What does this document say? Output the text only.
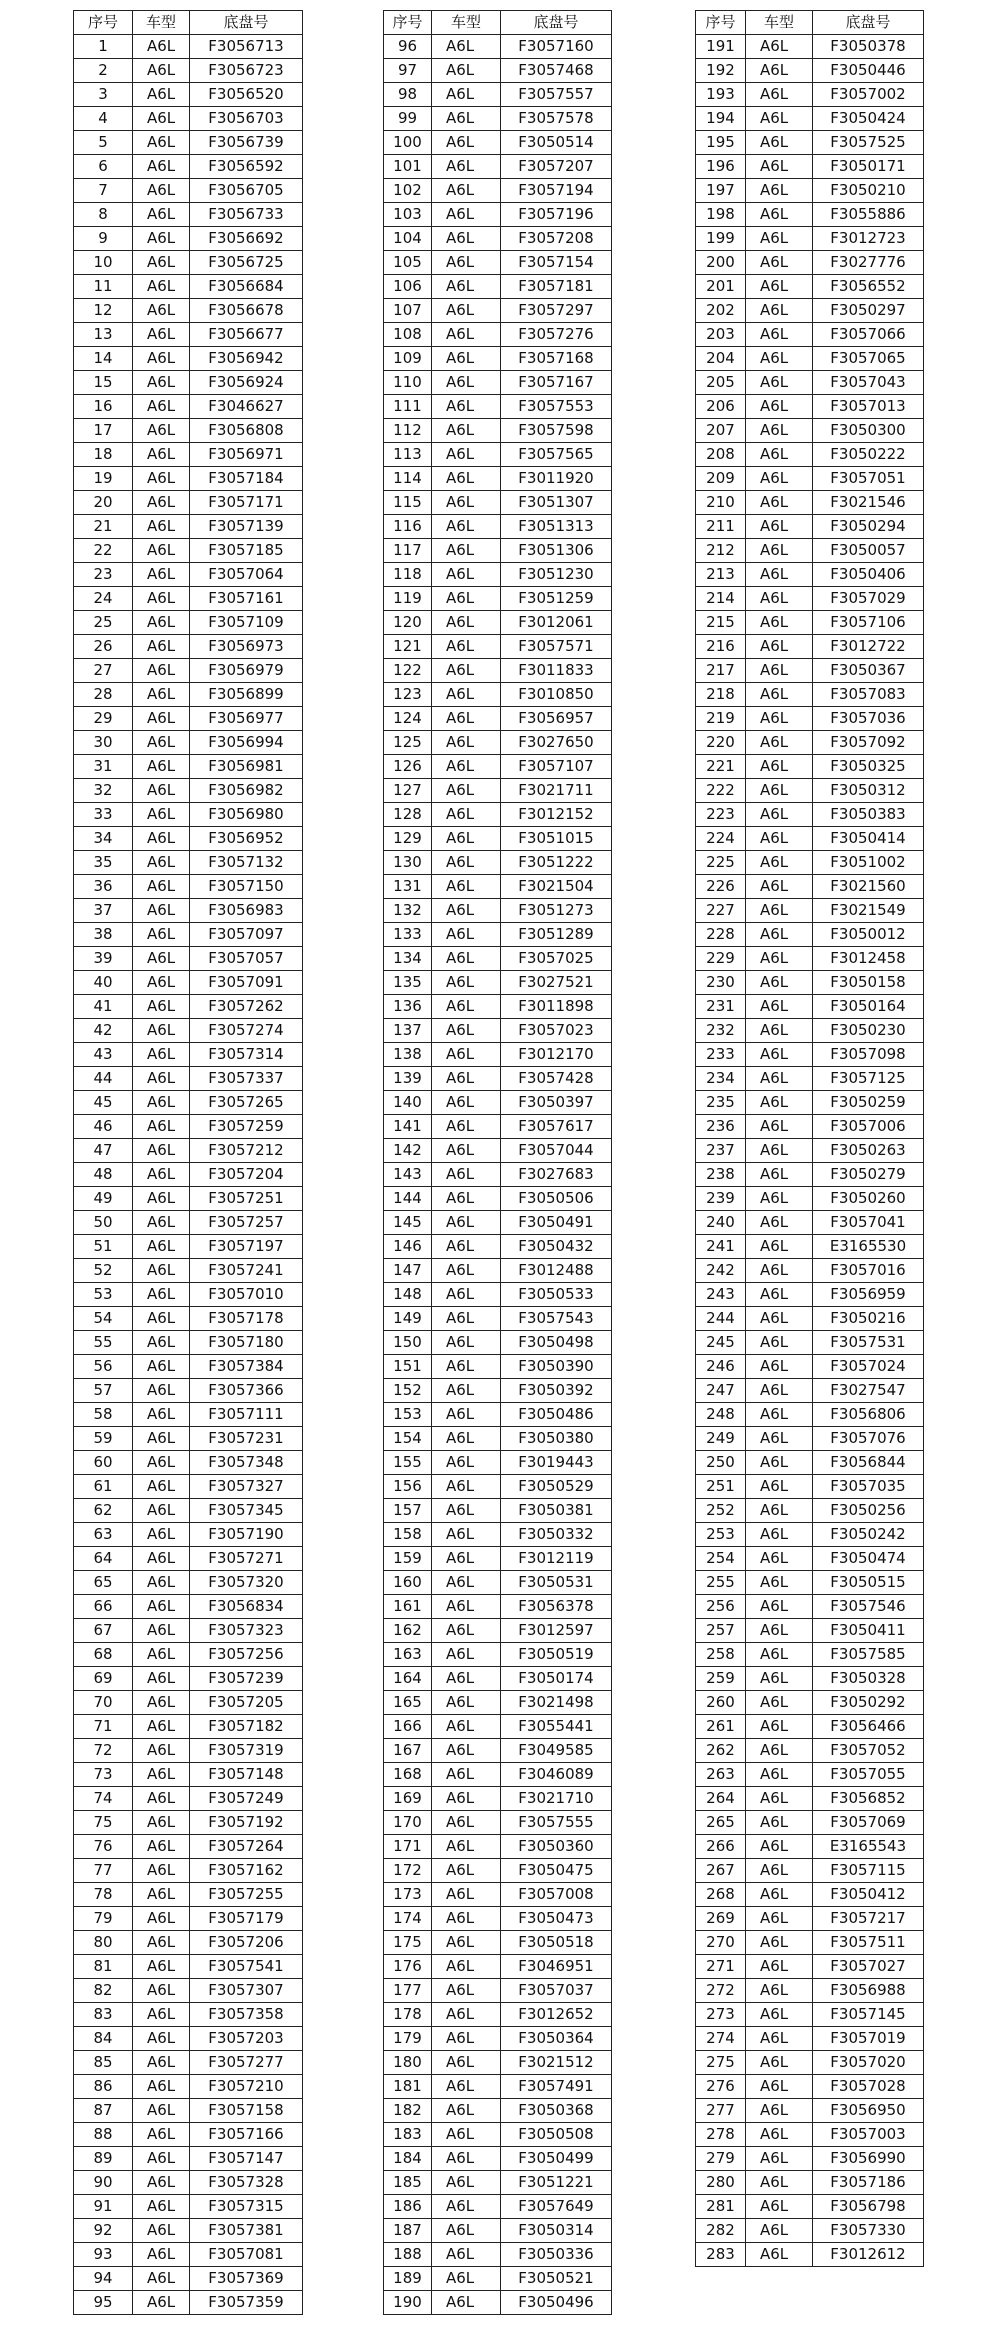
序号	车型	底盘号
1	A6L	F3056713
2	A6L	F3056723
3	A6L	F3056520
4	A6L	F3056703
5	A6L	F3056739
6	A6L	F3056592
7	A6L	F3056705
8	A6L	F3056733
9	A6L	F3056692
10	A6L	F3056725
11	A6L	F3056684
12	A6L	F3056678
13	A6L	F3056677
14	A6L	F3056942
15	A6L	F3056924
16	A6L	F3046627
17	A6L	F3056808
18	A6L	F3056971
19	A6L	F3057184
20	A6L	F3057171
21	A6L	F3057139
22	A6L	F3057185
23	A6L	F3057064
24	A6L	F3057161
25	A6L	F3057109
26	A6L	F3056973
27	A6L	F3056979
28	A6L	F3056899
29	A6L	F3056977
30	A6L	F3056994
31	A6L	F3056981
32	A6L	F3056982
33	A6L	F3056980
34	A6L	F3056952
35	A6L	F3057132
36	A6L	F3057150
37	A6L	F3056983
38	A6L	F3057097
39	A6L	F3057057
40	A6L	F3057091
41	A6L	F3057262
42	A6L	F3057274
43	A6L	F3057314
44	A6L	F3057337
45	A6L	F3057265
46	A6L	F3057259
47	A6L	F3057212
48	A6L	F3057204
49	A6L	F3057251
50	A6L	F3057257
51	A6L	F3057197
52	A6L	F3057241
53	A6L	F3057010
54	A6L	F3057178
55	A6L	F3057180
56	A6L	F3057384
57	A6L	F3057366
58	A6L	F3057111
59	A6L	F3057231
60	A6L	F3057348
61	A6L	F3057327
62	A6L	F3057345
63	A6L	F3057190
64	A6L	F3057271
65	A6L	F3057320
66	A6L	F3056834
67	A6L	F3057323
68	A6L	F3057256
69	A6L	F3057239
70	A6L	F3057205
71	A6L	F3057182
72	A6L	F3057319
73	A6L	F3057148
74	A6L	F3057249
75	A6L	F3057192
76	A6L	F3057264
77	A6L	F3057162
78	A6L	F3057255
79	A6L	F3057179
80	A6L	F3057206
81	A6L	F3057541
82	A6L	F3057307
83	A6L	F3057358
84	A6L	F3057203
85	A6L	F3057277
86	A6L	F3057210
87	A6L	F3057158
88	A6L	F3057166
89	A6L	F3057147
90	A6L	F3057328
91	A6L	F3057315
92	A6L	F3057381
93	A6L	F3057081
94	A6L	F3057369
95	A6L	F3057359
序号	车型	底盘号
96	A6L	F3057160
97	A6L	F3057468
98	A6L	F3057557
99	A6L	F3057578
100	A6L	F3050514
101	A6L	F3057207
102	A6L	F3057194
103	A6L	F3057196
104	A6L	F3057208
105	A6L	F3057154
106	A6L	F3057181
107	A6L	F3057297
108	A6L	F3057276
109	A6L	F3057168
110	A6L	F3057167
111	A6L	F3057553
112	A6L	F3057598
113	A6L	F3057565
114	A6L	F3011920
115	A6L	F3051307
116	A6L	F3051313
117	A6L	F3051306
118	A6L	F3051230
119	A6L	F3051259
120	A6L	F3012061
121	A6L	F3057571
122	A6L	F3011833
123	A6L	F3010850
124	A6L	F3056957
125	A6L	F3027650
126	A6L	F3057107
127	A6L	F3021711
128	A6L	F3012152
129	A6L	F3051015
130	A6L	F3051222
131	A6L	F3021504
132	A6L	F3051273
133	A6L	F3051289
134	A6L	F3057025
135	A6L	F3027521
136	A6L	F3011898
137	A6L	F3057023
138	A6L	F3012170
139	A6L	F3057428
140	A6L	F3050397
141	A6L	F3057617
142	A6L	F3057044
143	A6L	F3027683
144	A6L	F3050506
145	A6L	F3050491
146	A6L	F3050432
147	A6L	F3012488
148	A6L	F3050533
149	A6L	F3057543
150	A6L	F3050498
151	A6L	F3050390
152	A6L	F3050392
153	A6L	F3050486
154	A6L	F3050380
155	A6L	F3019443
156	A6L	F3050529
157	A6L	F3050381
158	A6L	F3050332
159	A6L	F3012119
160	A6L	F3050531
161	A6L	F3056378
162	A6L	F3012597
163	A6L	F3050519
164	A6L	F3050174
165	A6L	F3021498
166	A6L	F3055441
167	A6L	F3049585
168	A6L	F3046089
169	A6L	F3021710
170	A6L	F3057555
171	A6L	F3050360
172	A6L	F3050475
173	A6L	F3057008
174	A6L	F3050473
175	A6L	F3050518
176	A6L	F3046951
177	A6L	F3057037
178	A6L	F3012652
179	A6L	F3050364
180	A6L	F3021512
181	A6L	F3057491
182	A6L	F3050368
183	A6L	F3050508
184	A6L	F3050499
185	A6L	F3051221
186	A6L	F3057649
187	A6L	F3050314
188	A6L	F3050336
189	A6L	F3050521
190	A6L	F3050496
序号	车型	底盘号
191	A6L	F3050378
192	A6L	F3050446
193	A6L	F3057002
194	A6L	F3050424
195	A6L	F3057525
196	A6L	F3050171
197	A6L	F3050210
198	A6L	F3055886
199	A6L	F3012723
200	A6L	F3027776
201	A6L	F3056552
202	A6L	F3050297
203	A6L	F3057066
204	A6L	F3057065
205	A6L	F3057043
206	A6L	F3057013
207	A6L	F3050300
208	A6L	F3050222
209	A6L	F3057051
210	A6L	F3021546
211	A6L	F3050294
212	A6L	F3050057
213	A6L	F3050406
214	A6L	F3057029
215	A6L	F3057106
216	A6L	F3012722
217	A6L	F3050367
218	A6L	F3057083
219	A6L	F3057036
220	A6L	F3057092
221	A6L	F3050325
222	A6L	F3050312
223	A6L	F3050383
224	A6L	F3050414
225	A6L	F3051002
226	A6L	F3021560
227	A6L	F3021549
228	A6L	F3050012
229	A6L	F3012458
230	A6L	F3050158
231	A6L	F3050164
232	A6L	F3050230
233	A6L	F3057098
234	A6L	F3057125
235	A6L	F3050259
236	A6L	F3057006
237	A6L	F3050263
238	A6L	F3050279
239	A6L	F3050260
240	A6L	F3057041
241	A6L	E3165530
242	A6L	F3057016
243	A6L	F3056959
244	A6L	F3050216
245	A6L	F3057531
246	A6L	F3057024
247	A6L	F3027547
248	A6L	F3056806
249	A6L	F3057076
250	A6L	F3056844
251	A6L	F3057035
252	A6L	F3050256
253	A6L	F3050242
254	A6L	F3050474
255	A6L	F3050515
256	A6L	F3057546
257	A6L	F3050411
258	A6L	F3057585
259	A6L	F3050328
260	A6L	F3050292
261	A6L	F3056466
262	A6L	F3057052
263	A6L	F3057055
264	A6L	F3056852
265	A6L	F3057069
266	A6L	E3165543
267	A6L	F3057115
268	A6L	F3050412
269	A6L	F3057217
270	A6L	F3057511
271	A6L	F3057027
272	A6L	F3056988
273	A6L	F3057145
274	A6L	F3057019
275	A6L	F3057020
276	A6L	F3057028
277	A6L	F3056950
278	A6L	F3057003
279	A6L	F3056990
280	A6L	F3057186
281	A6L	F3056798
282	A6L	F3057330
283	A6L	F3012612
